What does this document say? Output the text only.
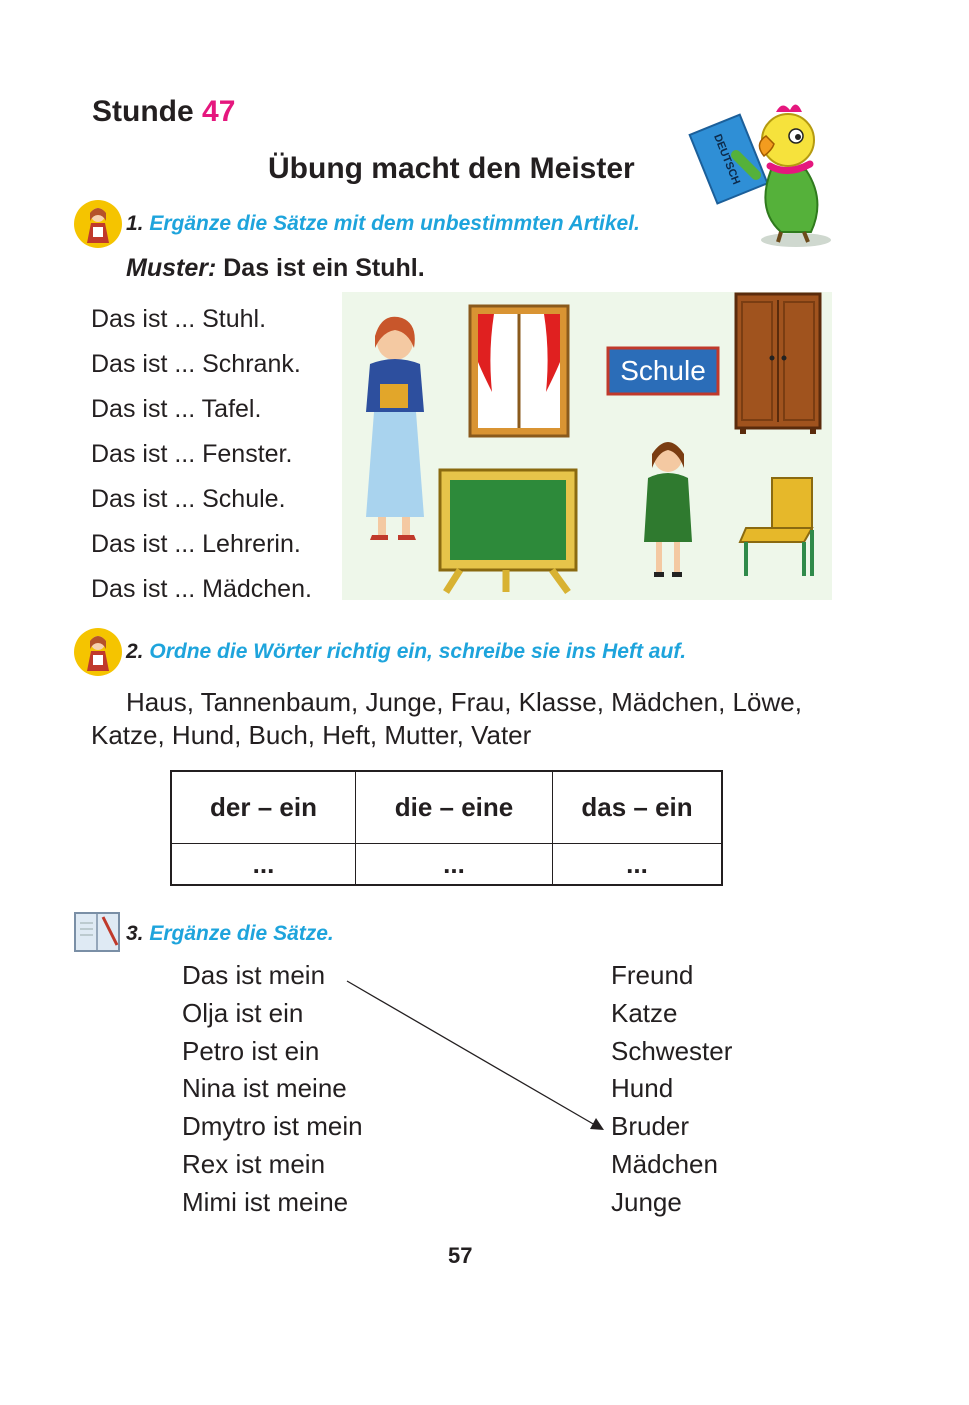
Stunde 47
Übung macht den Meister	DEUTSCH
1. Ergänze die Sätze mit dem unbestimmten Artikel.
Muster: Das ist ein Stuhl.
Das ist ... Stuhl.
Das ist ... Schrank.
Das ist ... Tafel.
Das ist ... Fenster.
Das ist ... Schule.
Das ist ... Lehrerin.
Das ist ... Mädchen.
Schule
2. Ordne die Wörter richtig ein, schreibe sie ins Heft auf.
Haus, Tannenbaum, Junge, Frau, Klasse, Mädchen, Löwe,
Katze, Hund, Buch, Heft, Mutter, Vater
der – ein	die – eine	das – ein
...	...	...
3. Ergänze die Sätze.
Das ist mein
Olja ist ein
Petro ist ein
Nina ist meine
Dmytro ist mein
Rex ist mein
Mimi ist meine
Freund
Katze
Schwester
Hund
Bruder
Mädchen
Junge
57
